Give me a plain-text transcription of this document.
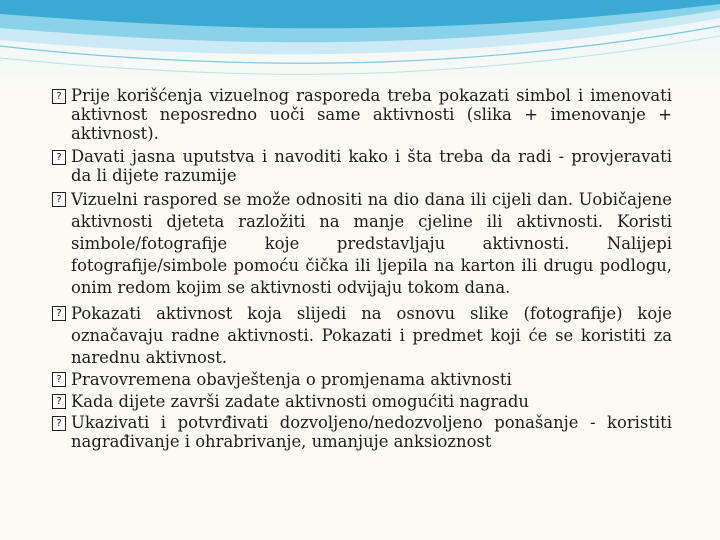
? Prije korišćenja vizuelnog rasporeda treba pokazati simbol i imenovati aktivnost neposredno uoči same aktivnosti (slika + imenovanje + aktivnost).
? Davati jasna uputstva i navoditi kako i šta treba da radi - provjeravati da li dijete razumije
? Vizuelni raspored se može odnositi na dio dana ili cijeli dan. Uobičajene aktivnosti djeteta razložiti na manje cjeline ili aktivnosti. Koristi simbole/fotografije koje predstavljaju aktivnosti. Nalijepi fotografije/simbole pomoću čička ili ljepila na karton ili drugu podlogu, onim redom kojim se aktivnosti odvijaju tokom dana.
? Pokazati aktivnost koja slijedi na osnovu slike (fotografije) koje označavaju radne aktivnosti. Pokazati i predmet koji će se koristiti za narednu aktivnost.
? Pravovremena obavještenja o promjenama aktivnosti
? Kada dijete završi zadate aktivnosti omogućiti nagradu
? Ukazivati i potvrđivati dozvoljeno/nedozvoljeno ponašanje - koristiti nagrađivanje i ohrabrivanje, umanjuje anksioznost
